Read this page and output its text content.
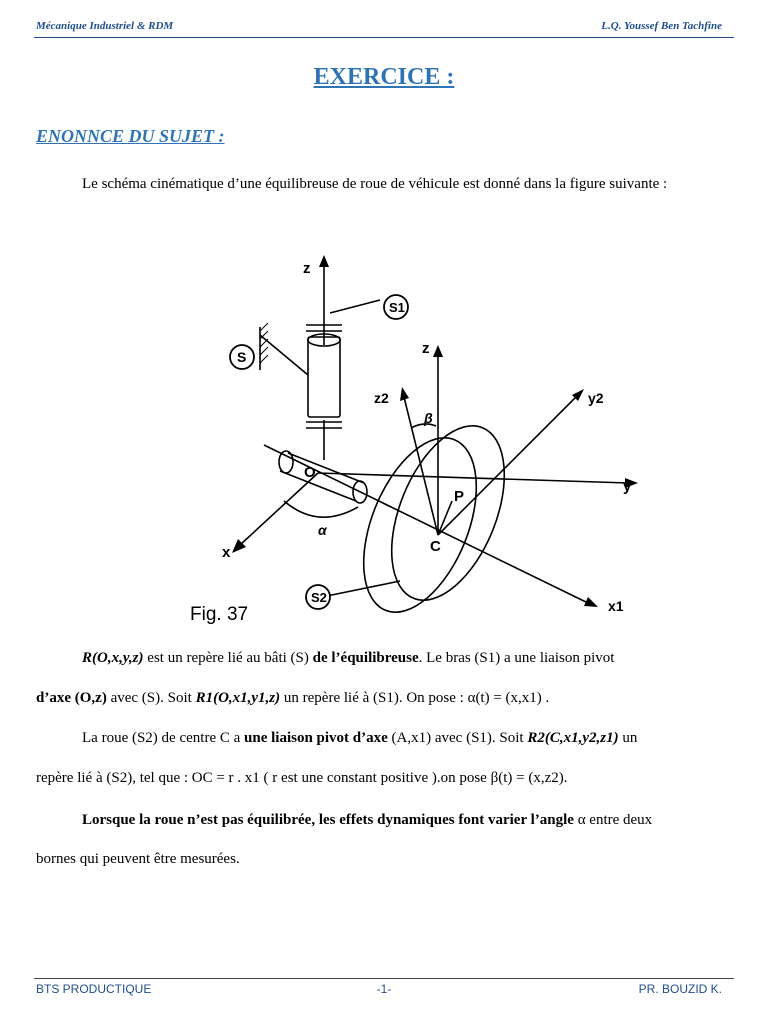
Mécanique Industriel & RDM	L.Q. Youssef Ben Tachfine
EXERCICE :
ENONNCE DU SUJET :
Le schéma cinématique d’une équilibreuse de roue de véhicule est donné dans la figure suivante :
S1
S
S2
z
z
z2	y2
β
y
O
P
C
α
x
x1
Fig. 37
R(O,x,y,z) est un repère lié au bâti (S) de l’équilibreuse. Le bras (S1) a une liaison pivot
d’axe (O,z) avec (S). Soit R1(O,x1,y1,z) un repère lié à (S1). On pose : α(t) = (x,x1) .
La roue (S2) de centre C a une liaison pivot d’axe (A,x1) avec (S1). Soit R2(C,x1,y2,z1) un
repère lié à (S2), tel que : OC = r . x1 ( r est une constant positive ).on pose β(t) = (x,z2).
Lorsque la roue n’est pas équilibrée, les effets dynamiques font varier l’angle α entre deux
bornes qui peuvent être mesurées.
BTS PRODUCTIQUE	-1-	PR. BOUZID K.
